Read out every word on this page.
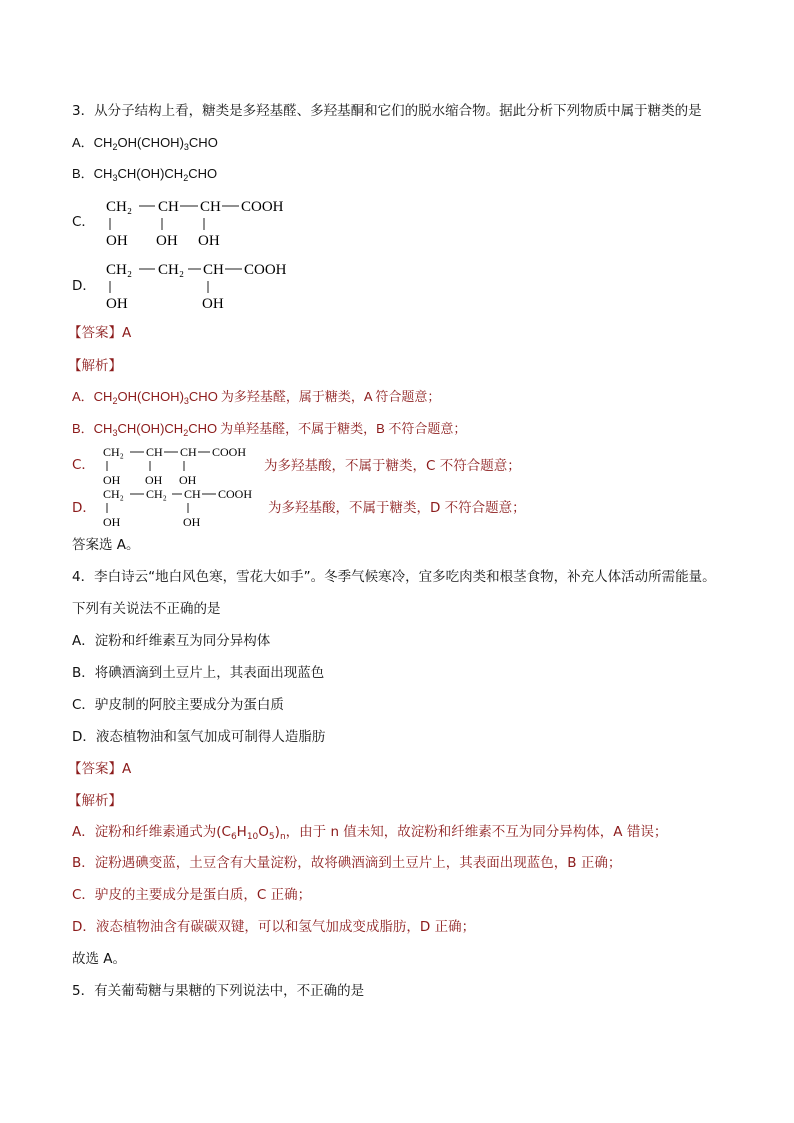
3．从分子结构上看，糖类是多羟基醛、多羟基酮和它们的脱水缩合物。据此分析下列物质中属于糖类的是
A．$CH_2OH(CHOH)_3CHO$
B．$CH_3CH(OH)CH_2CHO$
C．
CH₂ CH CH COOH
OH OH OH
D．
CH₂ CH₂ CH COOH
OH	OH
【答案】A
【解析】
A．$CH_2OH(CHOH)_3CHO$ 为多羟基醛，属于糖类，A 符合题意；
B．$CH_3CH(OH)CH_2CHO$ 为单羟基醛，不属于糖类，B 不符合题意；
C．
CH₂ CH CH COOH
OH OH OH
为多羟基酸，不属于糖类，C 不符合题意；
D．
CH₂ CH₂ CH COOH
OH	OH
为多羟基酸，不属于糖类，D 不符合题意；
答案选 A。
4．李白诗云“地白风色寒，雪花大如手”。冬季气候寒冷，宜多吃肉类和根茎食物，补充人体活动所需能量。
下列有关说法不正确的是
A．淀粉和纤维素互为同分异构体
B．将碘酒滴到土豆片上，其表面出现蓝色
C．驴皮制的阿胶主要成分为蛋白质
D．液态植物油和氢气加成可制得人造脂肪
【答案】A
【解析】
A．淀粉和纤维素通式为$(C_6H_{10}O_5)_n$，由于 n 值未知，故淀粉和纤维素不互为同分异构体，A 错误；
B．淀粉遇碘变蓝，土豆含有大量淀粉，故将碘酒滴到土豆片上，其表面出现蓝色，B 正确；
C．驴皮的主要成分是蛋白质，C 正确；
D．液态植物油含有碳碳双键，可以和氢气加成变成脂肪，D 正确；
故选 A。
5．有关葡萄糖与果糖的下列说法中，不正确的是
